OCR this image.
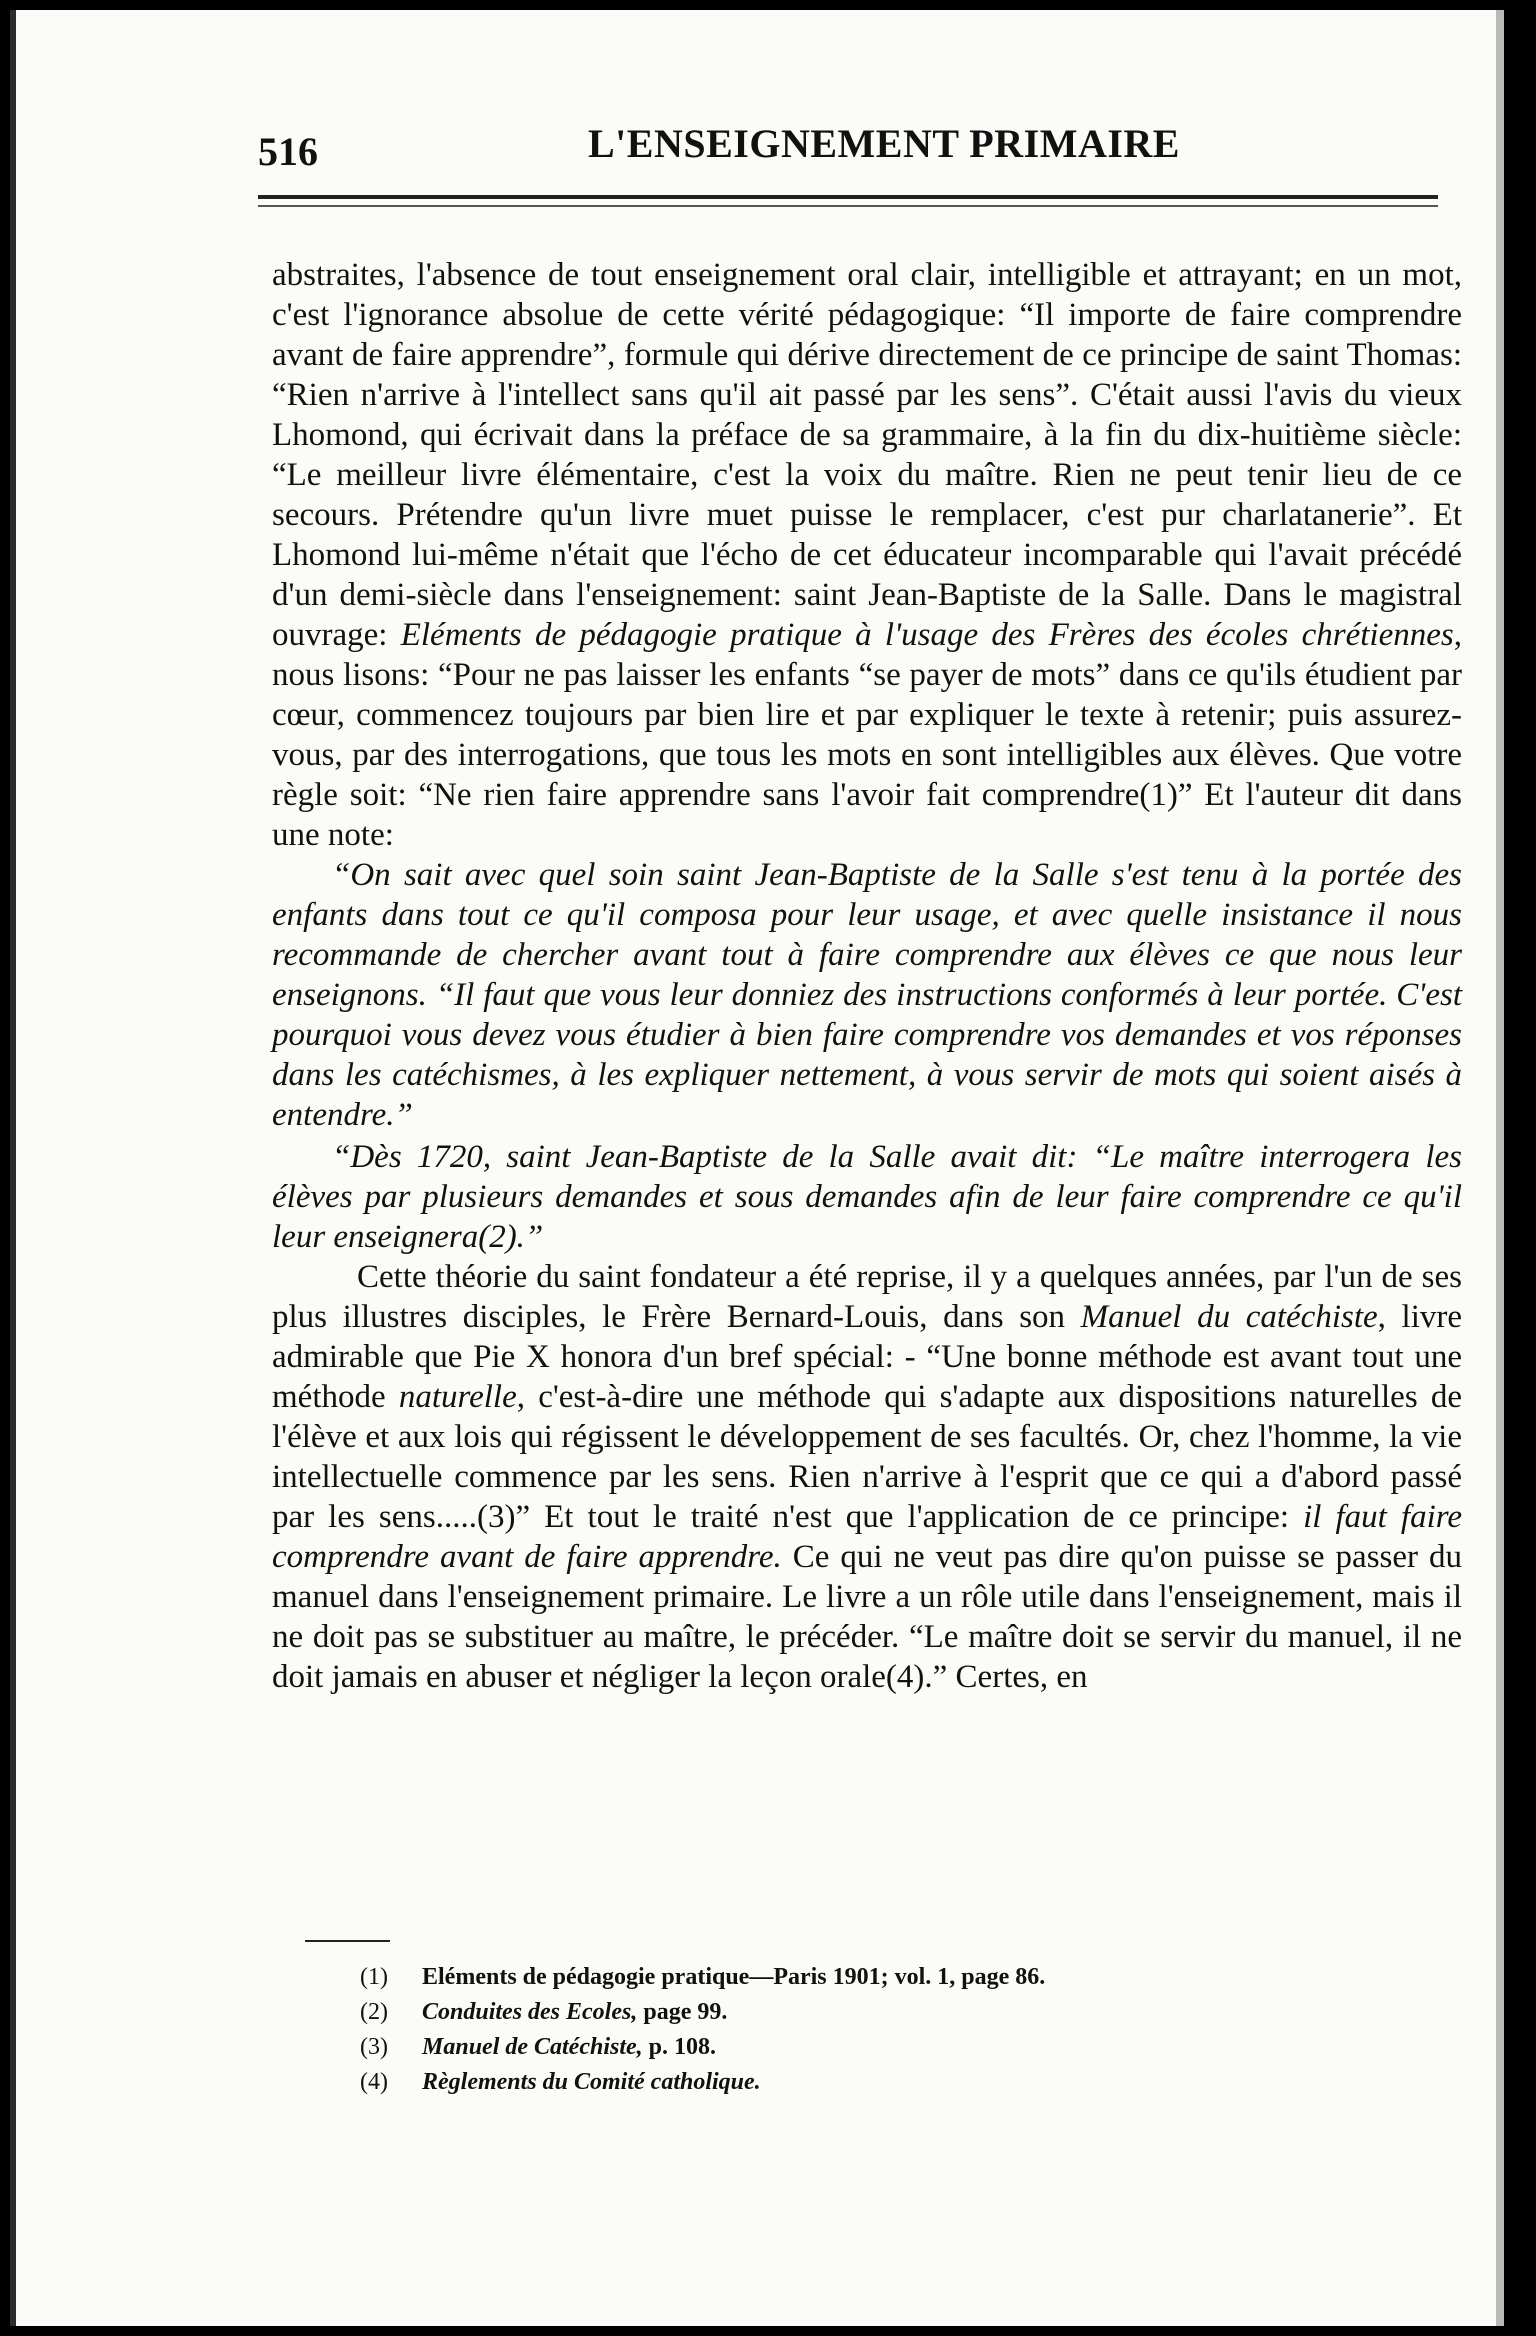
516	L'ENSEIGNEMENT PRIMAIRE

abstraites, l'absence de tout enseignement oral clair, intelligible et attrayant; en un mot, c'est l'ignorance absolue de cette vérité pédagogique: “Il importe de faire comprendre avant de faire apprendre”, formule qui dérive directement de ce principe de saint Thomas: “Rien n'arrive à l'intellect sans qu'il ait passé par les sens”. C'était aussi l'avis du vieux Lhomond, qui écrivait dans la préface de sa grammaire, à la fin du dix-huitième siècle: “Le meilleur livre élémentaire, c'est la voix du maître. Rien ne peut tenir lieu de ce secours. Prétendre qu'un livre muet puisse le remplacer, c'est pur charlatanerie”. Et Lhomond lui-même n'était que l'écho de cet éducateur incomparable qui l'avait précédé d'un demi-siècle dans l'enseignement: saint Jean-Baptiste de la Salle. Dans le magistral ouvrage: Eléments de pédagogie pratique à l'usage des Frères des écoles chrétiennes, nous lisons: “Pour ne pas laisser les enfants “se payer de mots” dans ce qu'ils étudient par cœur, commencez toujours par bien lire et par expliquer le texte à retenir; puis assurez-vous, par des interrogations, que tous les mots en sont intelligibles aux élèves. Que votre règle soit: “Ne rien faire apprendre sans l'avoir fait comprendre(1)” Et l'auteur dit dans une note:

“On sait avec quel soin saint Jean-Baptiste de la Salle s'est tenu à la portée des enfants dans tout ce qu'il composa pour leur usage, et avec quelle insistance il nous recommande de chercher avant tout à faire comprendre aux élèves ce que nous leur enseignons. “Il faut que vous leur donniez des instructions conformés à leur portée. C'est pourquoi vous devez vous étudier à bien faire comprendre vos demandes et vos réponses dans les catéchismes, à les expliquer nettement, à vous servir de mots qui soient aisés à entendre.”

“Dès 1720, saint Jean-Baptiste de la Salle avait dit: “Le maître interrogera les élèves par plusieurs demandes et sous demandes afin de leur faire comprendre ce qu'il leur enseignera(2).”

Cette théorie du saint fondateur a été reprise, il y a quelques années, par l'un de ses plus illustres disciples, le Frère Bernard-Louis, dans son Manuel du catéchiste, livre admirable que Pie X honora d'un bref spécial: - “Une bonne méthode est avant tout une méthode naturelle, c'est-à-dire une méthode qui s'adapte aux dispositions naturelles de l'élève et aux lois qui régissent le développement de ses facultés. Or, chez l'homme, la vie intellectuelle commence par les sens. Rien n'arrive à l'esprit que ce qui a d'abord passé par les sens.....(3)” Et tout le traité n'est que l'application de ce principe: il faut faire comprendre avant de faire apprendre. Ce qui ne veut pas dire qu'on puisse se passer du manuel dans l'enseignement primaire. Le livre a un rôle utile dans l'enseignement, mais il ne doit pas se substituer au maître, le précéder. “Le maître doit se servir du manuel, il ne doit jamais en abuser et négliger la leçon orale(4).” Certes, en

(1) Eléments de pédagogie pratique—Paris 1901; vol. 1, page 86.
(2) Conduites des Ecoles, page 99.
(3) Manuel de Catéchiste, p. 108.
(4) Règlements du Comité catholique.
